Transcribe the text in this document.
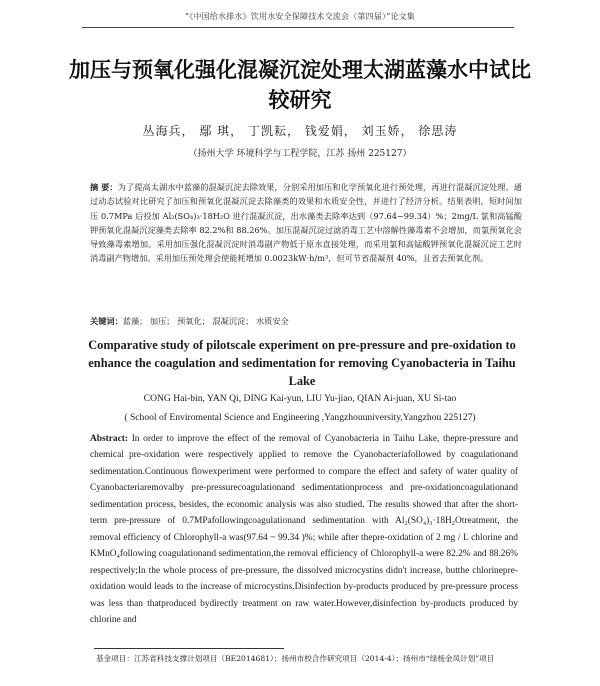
“《中国给水排水》饮用水安全保障技术交流会（第四届）”论文集
加压与预氧化强化混凝沉淀处理太湖蓝藻水中试比较研究
丛海兵， 鄢 琪， 丁凯耘， 钱爱娟， 刘玉娇， 徐思涛
（扬州大学 环境科学与工程学院，江苏 扬州 225127）
摘 要：为了提高太湖水中蓝藻的混凝沉淀去除效果，分别采用加压和化学预氧化进行预处理，再进行混凝沉淀处理。通过动态试验对比研究了加压和预氧化混凝沉淀去除藻类的效果和水质安全性，并进行了经济分析。结果表明，短时间加压 0.7MPa 后投加 Al₂(SO₄)₃·18H₂O 进行混凝沉淀，出水藻类去除率达到（97.64~99.34）%；2mg/L 氯和高锰酸钾预氧化混凝沉淀藻类去除率 82.2%和 88.26%。加压混凝沉淀过滤消毒工艺中溶解性藻毒素不会增加，而氯预氧化会导致藻毒素增加。采用加压强化混凝沉淀时消毒副产物低于原水直接处理，而采用氯和高锰酸钾预氧化混凝沉淀工艺时消毒副产物增加。采用加压预处理会使能耗增加 0.0023kW·h/m³，但可节省混凝剂 40%，且省去预氧化剂。
关键词：蓝藻； 加压； 预氧化； 混凝沉淀； 水质安全
Comparative study of pilotscale experiment on pre-pressure and pre-oxidation to enhance the coagulation and sedimentation for removing Cyanobacteria in Taihu Lake
CONG Hai-bin, YAN Qi, DING Kai-yun, LIU Yu-jiao, QIAN Ai-juan, XU Si-tao
( School of Enviromental Science and Engineering ,Yangzhouuniversity,Yangzhou 225127)
Abstract: In order to improve the effect of the removal of Cyanobacteria in Taihu Lake, thepre-pressure and chemical pre-oxidation were respectively applied to remove the Cyanobacteriafollowed by coagulationand sedimentation.Continuous flowexperiment were performed to compare the effect and safety of water quality of Cyanobacteriaremovalby pre-pressurecoagulationand sedimentationprocess and pre-oxidationcoagulationand sedimentation process, besides, the economic analysis was also studied. The results showed that after the short-term pre-pressure of 0.7MPafollowingcoagulationand sedimentation with Al₂(SO₄)₃·18H₂Otreatment, the removal efficiency of Chlorophyll-a was(97.64 ~ 99.34 )%; while after thepre-oxidation of 2 mg / L chlorine and KMnO₄following coagulationand sedimentation,the removal efficiency of Chlorophyll-a were 82.2% and 88.26% respectively;In the whole process of pre-pressure, the dissolved microcystins didn't increase, butthe chlorinepre-oxidation would leads to the increase of microcystins.Disinfection by-products produced by pre-pressure process was less than thatproduced bydirectly treatment on raw water.However,disinfection by-products produced by chlorine and
基金项目：江苏省科技支撑计划项目（BE2014681）；扬州市校合作研究项目（2014-4）；扬州市“绿杨金凤计划”项目
